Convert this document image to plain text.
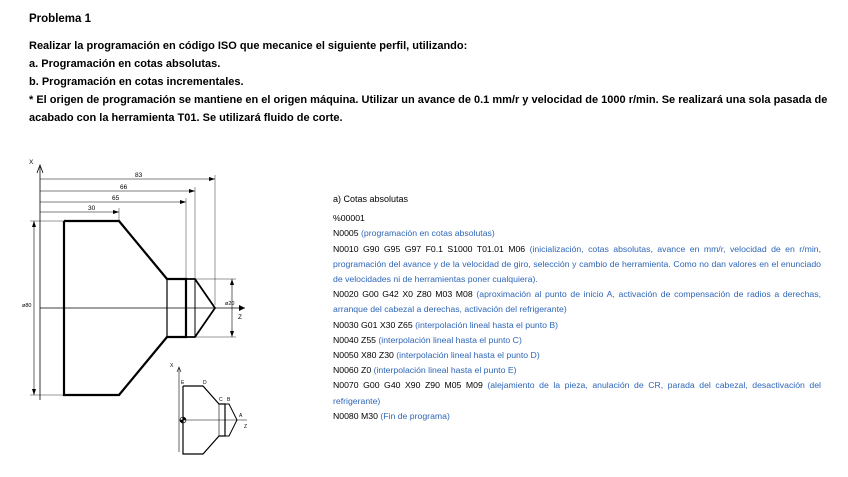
Problema 1
Realizar la programación en código ISO que mecanice el siguiente perfil, utilizando:
a. Programación en cotas absolutas.
b. Programación en cotas incrementales.
* El origen de programación se mantiene en el origen máquina. Utilizar un avance de 0.1 mm/r y velocidad de 1000 r/min. Se realizará una sola pasada de
acabado con la herramienta T01. Se utilizará fluido de corte.
X
Z
83
66
65
30
ø80	ø20
X
Z
A
B
C
D
E
a) Cotas absolutas

%00001

N0005 (programación en cotas absolutas)

N0010 G90 G95 G97 F0.1 S1000 T01.01 M06 (inicialización, cotas absolutas, avance en mm/r, velocidad de en r/min, programación del avance y de la velocidad de giro, selección y cambio de herramienta. Como no dan valores en el enunciado de velocidades ni de herramientas poner cualquiera).

N0020 G00 G42 X0 Z80 M03 M08 (aproximación al punto de inicio A, activación de compensación de radios a derechas, arranque del cabezal a derechas, activación del refrigerante)

N0030 G01 X30 Z65 (interpolación lineal hasta el punto B)

N0040 Z55 (interpolación lineal hasta el punto C)

N0050 X80 Z30 (interpolación lineal hasta el punto D)

N0060 Z0 (interpolación lineal hasta el punto E)

N0070 G00 G40 X90 Z90 M05 M09 (alejamiento de la pieza, anulación de CR, parada del cabezal, desactivación del refrigerante)

N0080 M30 (Fin de programa)
